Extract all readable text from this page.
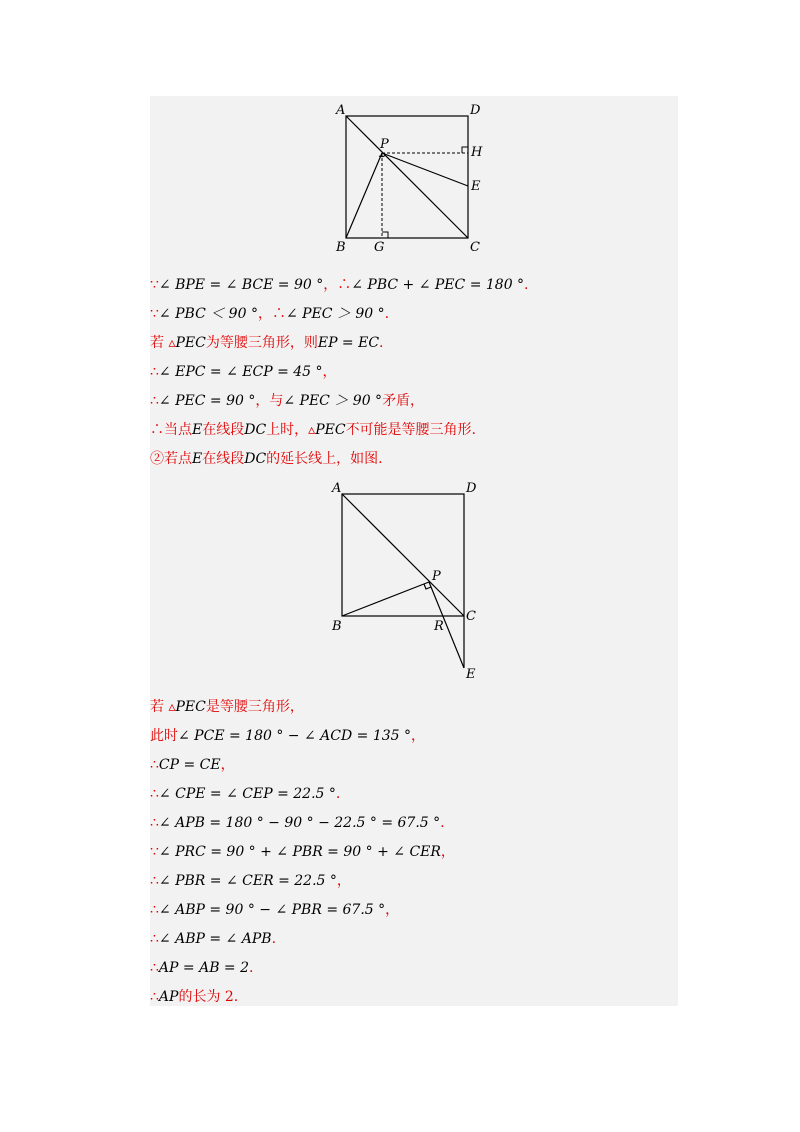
A	D
P
H
E
B G	C
∵∠ BPE = ∠ BCE = 90 °，∴∠ PBC + ∠ PEC = 180 °.
∵∠ PBC ＜ 90 °，∴∠ PEC ＞ 90 °.
若 ▵PEC为等腰三角形，则EP = EC.
∴∠ EPC = ∠ ECP = 45 °，
∴∠ PEC = 90 °，与∠ PEC ＞ 90 °矛盾，
∴当点E在线段DC上时，▵PEC不可能是等腰三角形.
②若点E在线段DC的延长线上，如图.
A	D
P
B	R
C
E
若 ▵PEC是等腰三角形，
此时∠ PCE = 180 ° − ∠ ACD = 135 °，
∴CP = CE，
∴∠ CPE = ∠ CEP = 22.5 °.
∴∠ APB = 180 ° − 90 ° − 22.5 ° = 67.5 °.
∵∠ PRC = 90 ° + ∠ PBR = 90 ° + ∠ CER，
∴∠ PBR = ∠ CER = 22.5 °，
∴∠ ABP = 90 ° − ∠ PBR = 67.5 °，
∴∠ ABP = ∠ APB.
∴AP = AB = 2.
∴AP的长为 2.
